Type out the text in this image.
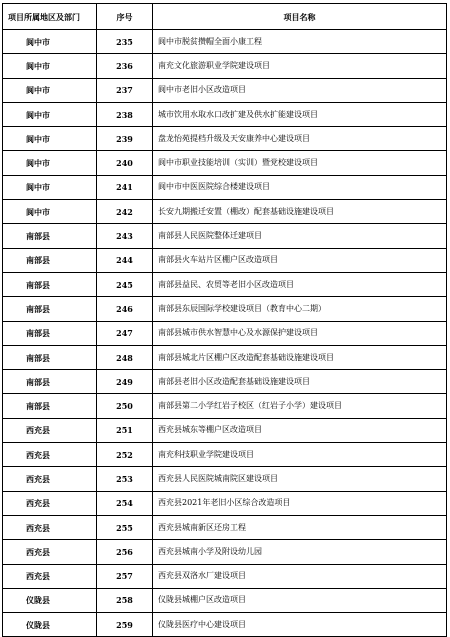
项目所属地区及部门	序号	项目名称
阆中市	235	阆中市脱贫攒帽全面小康工程
阆中市	236	南充文化旅游职业学院建设项目
阆中市	237	阆中市老旧小区改造项目
阆中市	238	城市饮用水取水口改扩建及供水扩能建设项目
阆中市	239	盘龙怡苑提档升级及天安康养中心建设项目
阆中市	240	阆中市职业技能培训（实训）暨党校建设项目
阆中市	241	阆中市中医医院综合楼建设项目
阆中市	242	长安九期搬迁安置（棚改）配套基础设施建设项目
南部县	243	南部县人民医院整体迁建项目
南部县	244	南部县火车站片区棚户区改造项目
南部县	245	南部县益民、农贸等老旧小区改造项目
南部县	246	南部县东辰国际学校建设项目（教育中心二期）
南部县	247	南部县城市供水智慧中心及水源保护建设项目
南部县	248	南部县城北片区棚户区改造配套基础设施建设项目
南部县	249	南部县老旧小区改造配套基础设施建设项目
南部县	250	南部县第二小学红岩子校区（红岩子小学）建设项目
西充县	251	西充县城东等棚户区改造项目
西充县	252	南充科技职业学院建设项目
西充县	253	西充县人民医院城南院区建设项目
西充县	254	西充县2021年老旧小区综合改造项目
西充县	255	西充县城南新区还房工程
西充县	256	西充县城南小学及附设幼儿园
西充县	257	西充县双洛水厂建设项目
仪陇县	258	仪陇县城棚户区改造项目
仪陇县	259	仪陇县医疗中心建设项目
